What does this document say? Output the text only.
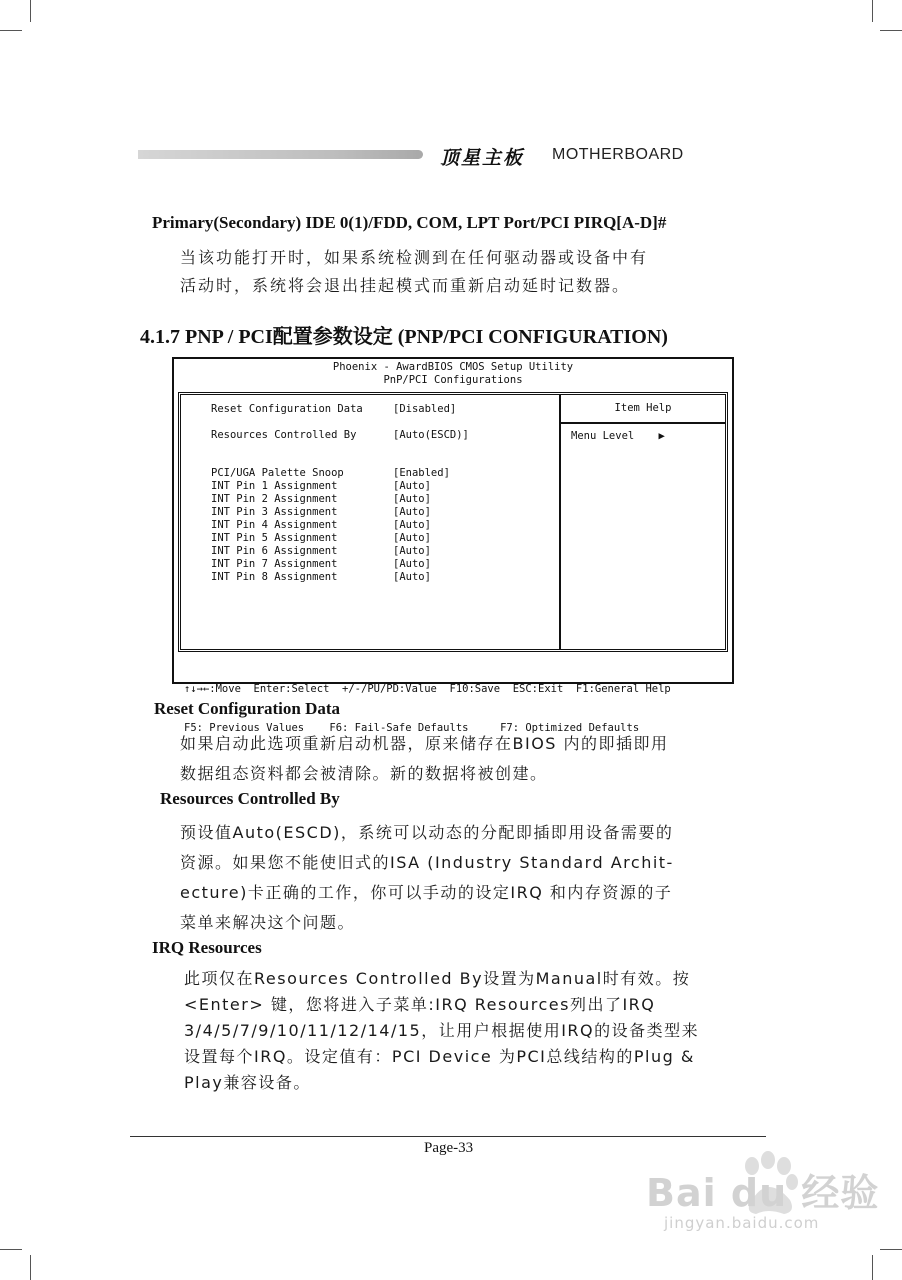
顶星主板 MOTHERBOARD
Primary(Secondary) IDE 0(1)/FDD, COM, LPT Port/PCI PIRQ[A-D]#
当该功能打开时，如果系统检测到在任何驱动器或设备中有
活动时，系统将会退出挂起模式而重新启动延时记数器。
4.1.7 PNP / PCI配置参数设定 (PNP/PCI CONFIGURATION)
Phoenix - AwardBIOS CMOS Setup Utility
PnP/PCI Configurations
Item Help
Menu Level ▶
Reset Configuration Data	[Disabled]
Resources Controlled By	[Auto(ESCD)]
PCI/UGA Palette Snoop	[Enabled]
INT Pin 1 Assignment	[Auto]
INT Pin 2 Assignment	[Auto]
INT Pin 3 Assignment	[Auto]
INT Pin 4 Assignment	[Auto]
INT Pin 5 Assignment	[Auto]
INT Pin 6 Assignment	[Auto]
INT Pin 7 Assignment	[Auto]
INT Pin 8 Assignment	[Auto]

↑↓→←:Move  Enter:Select  +/-/PU/PD:Value  F10:Save  ESC:Exit  F1:General Help

F5: Previous Values    F6: Fail-Safe Defaults     F7: Optimized Defaults

Reset Configuration Data
如果启动此选项重新启动机器，原来储存在BIOS 内的即插即用
数据组态资料都会被清除。新的数据将被创建。
Resources Controlled By
预设值Auto(ESCD)，系统可以动态的分配即插即用设备需要的
资源。如果您不能使旧式的ISA (Industry Standard Archit-
ecture)卡正确的工作，你可以手动的设定IRQ 和内存资源的子
菜单来解决这个问题。
IRQ Resources
此项仅在Resources Controlled By设置为Manual时有效。按
<Enter> 键，您将进入子菜单:IRQ Resources列出了IRQ
3/4/5/7/9/10/11/12/14/15，让用户根据使用IRQ的设备类型来
设置每个IRQ。设定值有：PCI Device 为PCI总线结构的Plug &
Play兼容设备。
Page-33
Bai du 经验
jingyan.baidu.com
